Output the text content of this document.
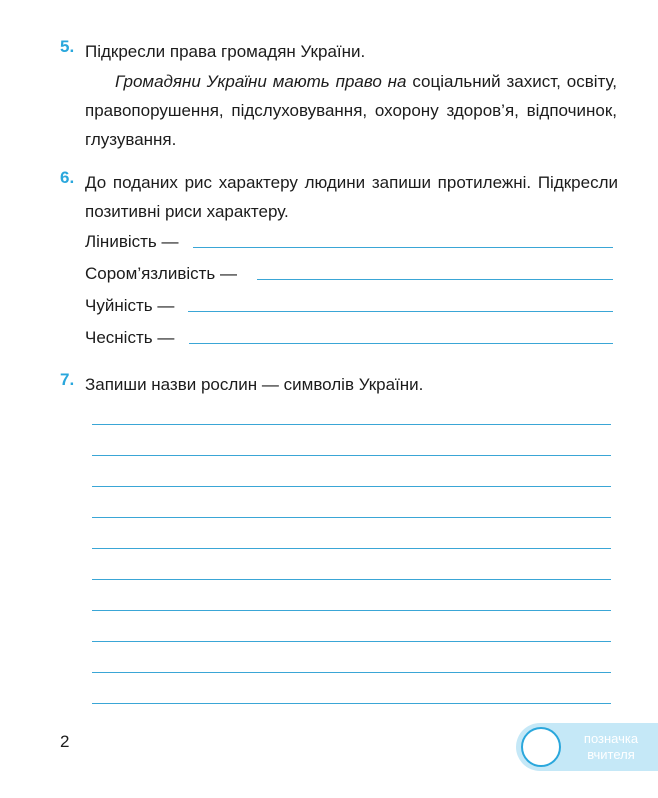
5. Підкресли права громадян України.

Громадяни України мають право на соціальний захист, освіту, правопорушення, підслуховування, охорону здоров’я, відпочинок, глузування.

6. До поданих рис характеру людини запиши протилежні. Підкресли позитивні риси характеру.

Лінивість —
Сором’язливість —
Чуйність —
Чесність —
7. Запиши назви рослин — символів України.

2	позначка
вчителя
